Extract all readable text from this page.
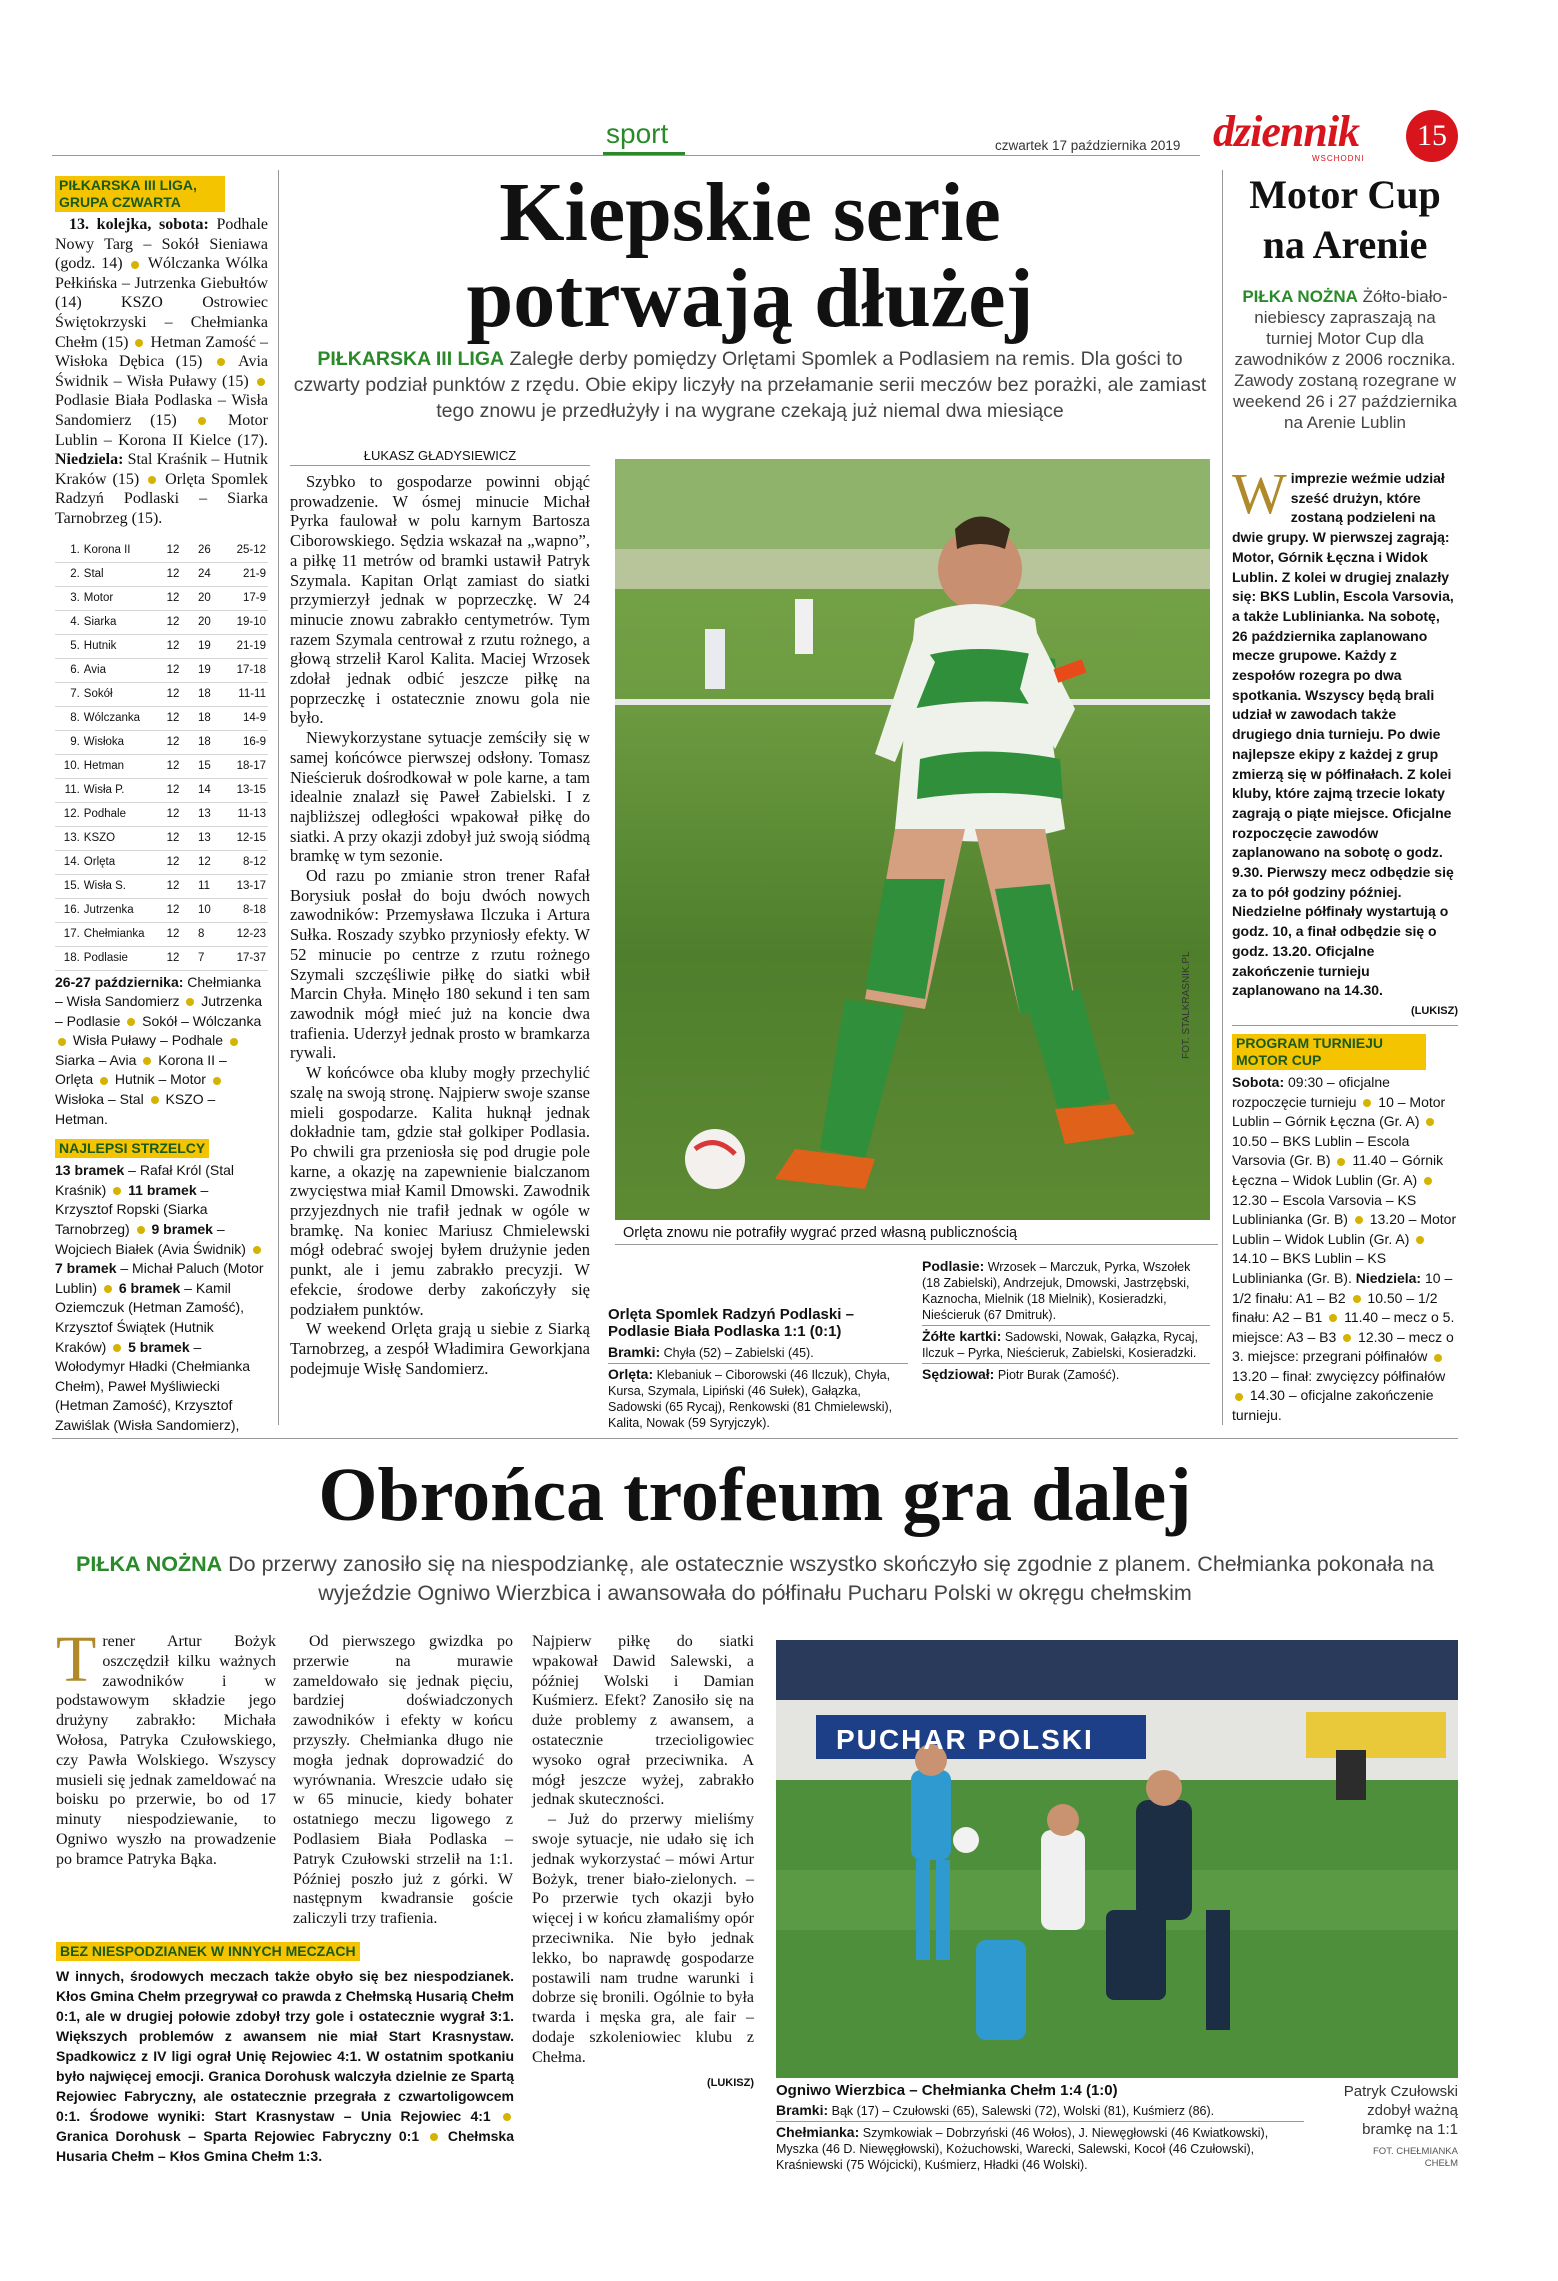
sport	czwartek 17 października 2019 dziennik
WSCHODNI
15
PIŁKARSKA III LIGA, GRUPA CZWARTA
13. kolejka, sobota: Podhale Nowy Targ – Sokół Sieniawa (godz. 14)  Wólczanka Wólka Pełkińska – Jutrzenka Giebułtów (14) KSZO Ostrowiec Świętokrzyski – Chełmianka Chełm (15)  Hetman Zamość – Wisłoka Dębica (15)  Avia Świdnik – Wisła Puławy (15)  Podlasie Biała Podlaska – Wisła Sandomierz (15)  Motor Lublin – Korona II Kielce (17). Niedziela: Stal Kraśnik – Hutnik Kraków (15)  Orlęta Spomlek Radzyń Podlaski – Siarka Tarnobrzeg (15).
1.	Korona II	12	26	25-12
2.	Stal	12	24	21-9
3.	Motor	12	20	17-9
4.	Siarka	12	20	19-10
5.	Hutnik	12	19	21-19
6.	Avia	12	19	17-18
7.	Sokół	12	18	11-11
8.	Wólczanka	12	18	14-9
9.	Wisłoka	12	18	16-9
10.	Hetman	12	15	18-17
11.	Wisła P.	12	14	13-15
12.	Podhale	12	13	11-13
13.	KSZO	12	13	12-15
14.	Orlęta	12	12	8-12
15.	Wisła S.	12	11	13-17
16.	Jutrzenka	12	10	8-18
17.	Chełmianka	12	8	12-23
18.	Podlasie	12	7	17-37
26-27 października: Chełmianka – Wisła Sandomierz  Jutrzenka – Podlasie  Sokół – Wólczanka  Wisła Puławy – Podhale  Siarka – Avia  Korona II – Orlęta  Hutnik – Motor  Wisłoka – Stal  KSZO – Hetman.
NAJLEPSI STRZELCY
13 bramek – Rafał Król (Stal Kraśnik)  11 bramek – Krzysztof Ropski (Siarka Tarnobrzeg)  9 bramek – Wojciech Białek (Avia Świdnik)  7 bramek – Michał Paluch (Motor Lublin)  6 bramek – Kamil Oziemczuk (Hetman Zamość), Krzysztof Świątek (Hutnik Kraków)  5 bramek – Wołodymyr Hładki (Chełmianka Chełm), Paweł Myśliwiecki (Hetman Zamość), Krzysztof Zawiślak (Wisła Sandomierz),
Kiepskie serie
potrwają dłużej
PIŁKARSKA III LIGA Zaległe derby pomiędzy Orlętami Spomlek a Podlasiem na remis. Dla gości to czwarty podział punktów z rzędu. Obie ekipy liczyły na przełamanie serii meczów bez porażki, ale zamiast tego znowu je przedłużyły i na wygrane czekają już niemal dwa miesiące
ŁUKASZ GŁADYSIEWICZ

Szybko to gospodarze powinni objąć prowadzenie. W ósmej minucie Michał Pyrka faulował w polu karnym Bartosza Ciborowskiego. Sędzia wskazał na „wapno”, a piłkę 11 metrów od bramki ustawił Patryk Szymala. Kapitan Orląt zamiast do siatki przymierzył jednak w poprzeczkę. W 24 minucie znowu zabrakło centymetrów. Tym razem Szymala centrował z rzutu rożnego, a głową strzelił Karol Kalita. Maciej Wrzosek zdołał jednak odbić jeszcze piłkę na poprzeczkę i ostatecznie znowu gola nie było.

Niewykorzystane sytuacje zemściły się w samej końcówce pierwszej odsłony. Tomasz Nieścieruk dośrodkował w pole karne, a tam idealnie znalazł się Paweł Zabielski. I z najbliższej odległości wpakował piłkę do siatki. A przy okazji zdobył już swoją siódmą bramkę w tym sezonie.

Od razu po zmianie stron trener Rafał Borysiuk posłał do boju dwóch nowych zawodników: Przemysława Ilczuka i Artura Sułka. Roszady szybko przyniosły efekty. W 52 minucie po centrze z rzutu rożnego Szymali szczęśliwie piłkę do siatki wbił Marcin Chyła. Minęło 180 sekund i ten sam zawodnik mógł mieć już na koncie dwa trafienia. Uderzył jednak prosto w bramkarza rywali.

W końcówce oba kluby mogły przechylić szalę na swoją stronę. Najpierw swoje szanse mieli gospodarze. Kalita huknął jednak dokładnie tam, gdzie stał golkiper Podlasia. Po chwili gra przeniosła się pod drugie pole karne, a okazję na zapewnienie bialczanom zwycięstwa miał Kamil Dmowski. Zawodnik przyjezdnych nie trafił jednak w ogóle w bramkę. Na koniec Mariusz Chmielewski mógł odebrać swojej byłem drużynie jeden punkt, ale i jemu zabrakło precyzji. W efekcie, środowe derby zakończyły się podziałem punktów.

W weekend Orlęta grają u siebie z Siarką Tarnobrzeg, a zespół Władimira Geworkjana podejmuje Wisłę Sandomierz.

FOT. STALKRASNIK.PL
Orlęta znowu nie potrafiły wygrać przed własną publicznością
Orlęta Spomlek Radzyń Podlaski – Podlasie Biała Podlaska 1:1 (0:1)
Bramki: Chyła (52) – Zabielski (45).
Orlęta: Klebaniuk – Ciborowski (46 Ilczuk), Chyła, Kursa, Szymala, Lipiński (46 Sułek), Gałązka, Sadowski (65 Rycaj), Renkowski (81 Chmielewski), Kalita, Nowak (59 Syryjczyk).
Podlasie: Wrzosek – Marczuk, Pyrka, Wszołek (18 Zabielski), Andrzejuk, Dmowski, Jastrzębski, Kaznocha, Mielnik (18 Mielnik), Kosieradzki, Nieścieruk (67 Dmitruk).
Żółte kartki: Sadowski, Nowak, Gałązka, Rycaj, Ilczuk – Pyrka, Nieścieruk, Zabielski, Kosieradzki.
Sędziował: Piotr Burak (Zamość).
Motor Cup
na Arenie
PIŁKA NOŻNA Żółto-biało-niebiescy zapraszają na turniej Motor Cup dla zawodników z 2006 rocznika. Zawody zostaną rozegrane w weekend 26 i 27 października na Arenie Lublin
W imprezie weźmie udział sześć drużyn, które zostaną podzieleni na dwie grupy. W pierwszej zagrają: Motor, Górnik Łęczna i Widok Lublin. Z kolei w drugiej znalazły się: BKS Lublin, Escola Varsovia, a także Lublinianka. Na sobotę, 26 października zaplanowano mecze grupowe. Każdy z zespołów rozegra po dwa spotkania. Wszyscy będą brali udział w zawodach także drugiego dnia turnieju. Po dwie najlepsze ekipy z każdej z grup zmierzą się w półfinałach. Z kolei kluby, które zajmą trzecie lokaty zagrają o piąte miejsce. Oficjalne rozpoczęcie zawodów zaplanowano na sobotę o godz. 9.30. Pierwszy mecz odbędzie się za to pół godziny później. Niedzielne półfinały wystartują o godz. 10, a finał odbędzie się o godz. 13.20. Oficjalne zakończenie turnieju zaplanowano na 14.30.
(LUKISZ)
PROGRAM TURNIEJU MOTOR CUP
Sobota: 09:30 – oficjalne rozpoczęcie turnieju  10 – Motor Lublin – Górnik Łęczna (Gr. A)  10.50 – BKS Lublin – Escola Varsovia (Gr. B)  11.40 – Górnik Łęczna – Widok Lublin (Gr. A)  12.30 – Escola Varsovia – KS Lublinianka (Gr. B)  13.20 – Motor Lublin – Widok Lublin (Gr. A)  14.10 – BKS Lublin – KS Lublinianka (Gr. B). Niedziela: 10 – 1/2 finału: A1 – B2  10.50 – 1/2 finału: A2 – B1  11.40 – mecz o 5. miejsce: A3 – B3  12.30 – mecz o 3. miejsce: przegrani półfinałów  13.20 – finał: zwycięzcy półfinałów  14.30 – oficjalne zakończenie turnieju.
Obrońca trofeum gra dalej
PIŁKA NOŻNA Do przerwy zanosiło się na niespodziankę, ale ostatecznie wszystko skończyło się zgodnie z planem. Chełmianka pokonała na wyjeździe Ogniwo Wierzbica i awansowała do półfinału Pucharu Polski w okręgu chełmskim
T rener Artur Bożyk oszczędził kilku ważnych zawodników i w podstawowym składzie jego drużyny zabrakło: Michała Wołosa, Patryka Czułowskiego, czy Pawła Wolskiego. Wszyscy musieli się jednak zameldować na boisku po przerwie, bo od 17 minuty niespodziewanie, to Ogniwo wyszło na prowadzenie po bramce Patryka Bąka.

Od pierwszego gwizdka po przerwie na murawie zameldowało się jednak pięciu, bardziej doświadczonych zawodników i efekty w końcu przyszły. Chełmianka długo nie mogła jednak doprowadzić do wyrównania. Wreszcie udało się w 65 minucie, kiedy bohater ostatniego meczu ligowego z Podlasiem Biała Podlaska – Patryk Czułowski strzelił na 1:1. Później poszło już z górki. W następnym kwadransie goście zaliczyli trzy trafienia.

Najpierw piłkę do siatki wpakował Dawid Salewski, a później Wolski i Damian Kuśmierz. Efekt? Zanosiło się na duże problemy z awansem, a ostatecznie trzecioligowiec wysoko ograł przeciwnika. A mógł jeszcze wyżej, zabrakło jednak skuteczności.

– Już do przerwy mieliśmy swoje sytuacje, nie udało się ich jednak wykorzystać – mówi Artur Bożyk, trener biało-zielonych. – Po przerwie tych okazji było więcej i w końcu złamaliśmy opór przeciwnika. Nie było jednak lekko, bo naprawdę gospodarze postawili nam trudne warunki i dobrze się bronili. Ogólnie to była twarda i męska gra, ale fair – dodaje szkoleniowiec klubu z Chełma.

(LUKISZ)
BEZ NIESPODZIANEK W INNYCH MECZACH
W innych, środowych meczach także obyło się bez niespodzianek. Kłos Gmina Chełm przegrywał co prawda z Chełmską Husarią Chełm 0:1, ale w drugiej połowie zdobył trzy gole i ostatecznie wygrał 3:1. Większych problemów z awansem nie miał Start Krasnystaw. Spadkowicz z IV ligi ograł Unię Rejowiec 4:1. W ostatnim spotkaniu było najwięcej emocji. Granica Dorohusk walczyła dzielnie ze Spartą Rejowiec Fabryczny, ale ostatecznie przegrała z czwartoligowcem 0:1. Środowe wyniki: Start Krasnystaw – Unia Rejowiec 4:1  Granica Dorohusk – Sparta Rejowiec Fabryczny 0:1  Chełmska Husaria Chełm – Kłos Gmina Chełm 1:3.
PUCHAR POLSKI
Ogniwo Wierzbica – Chełmianka Chełm 1:4 (1:0)
Bramki: Bąk (17) – Czułowski (65), Salewski (72), Wolski (81), Kuśmierz (86).
Chełmianka: Szymkowiak – Dobrzyński (46 Wołos), J. Niewęgłowski (46 Kwiatkowski), Myszka (46 D. Niewęgłowski), Kożuchowski, Warecki, Salewski, Kocoł (46 Czułowski), Kraśniewski (75 Wójcicki), Kuśmierz, Hładki (46 Wolski).
Patryk Czułowski zdobył ważną bramkę na 1:1
FOT. CHEŁMIANKA CHEŁM
